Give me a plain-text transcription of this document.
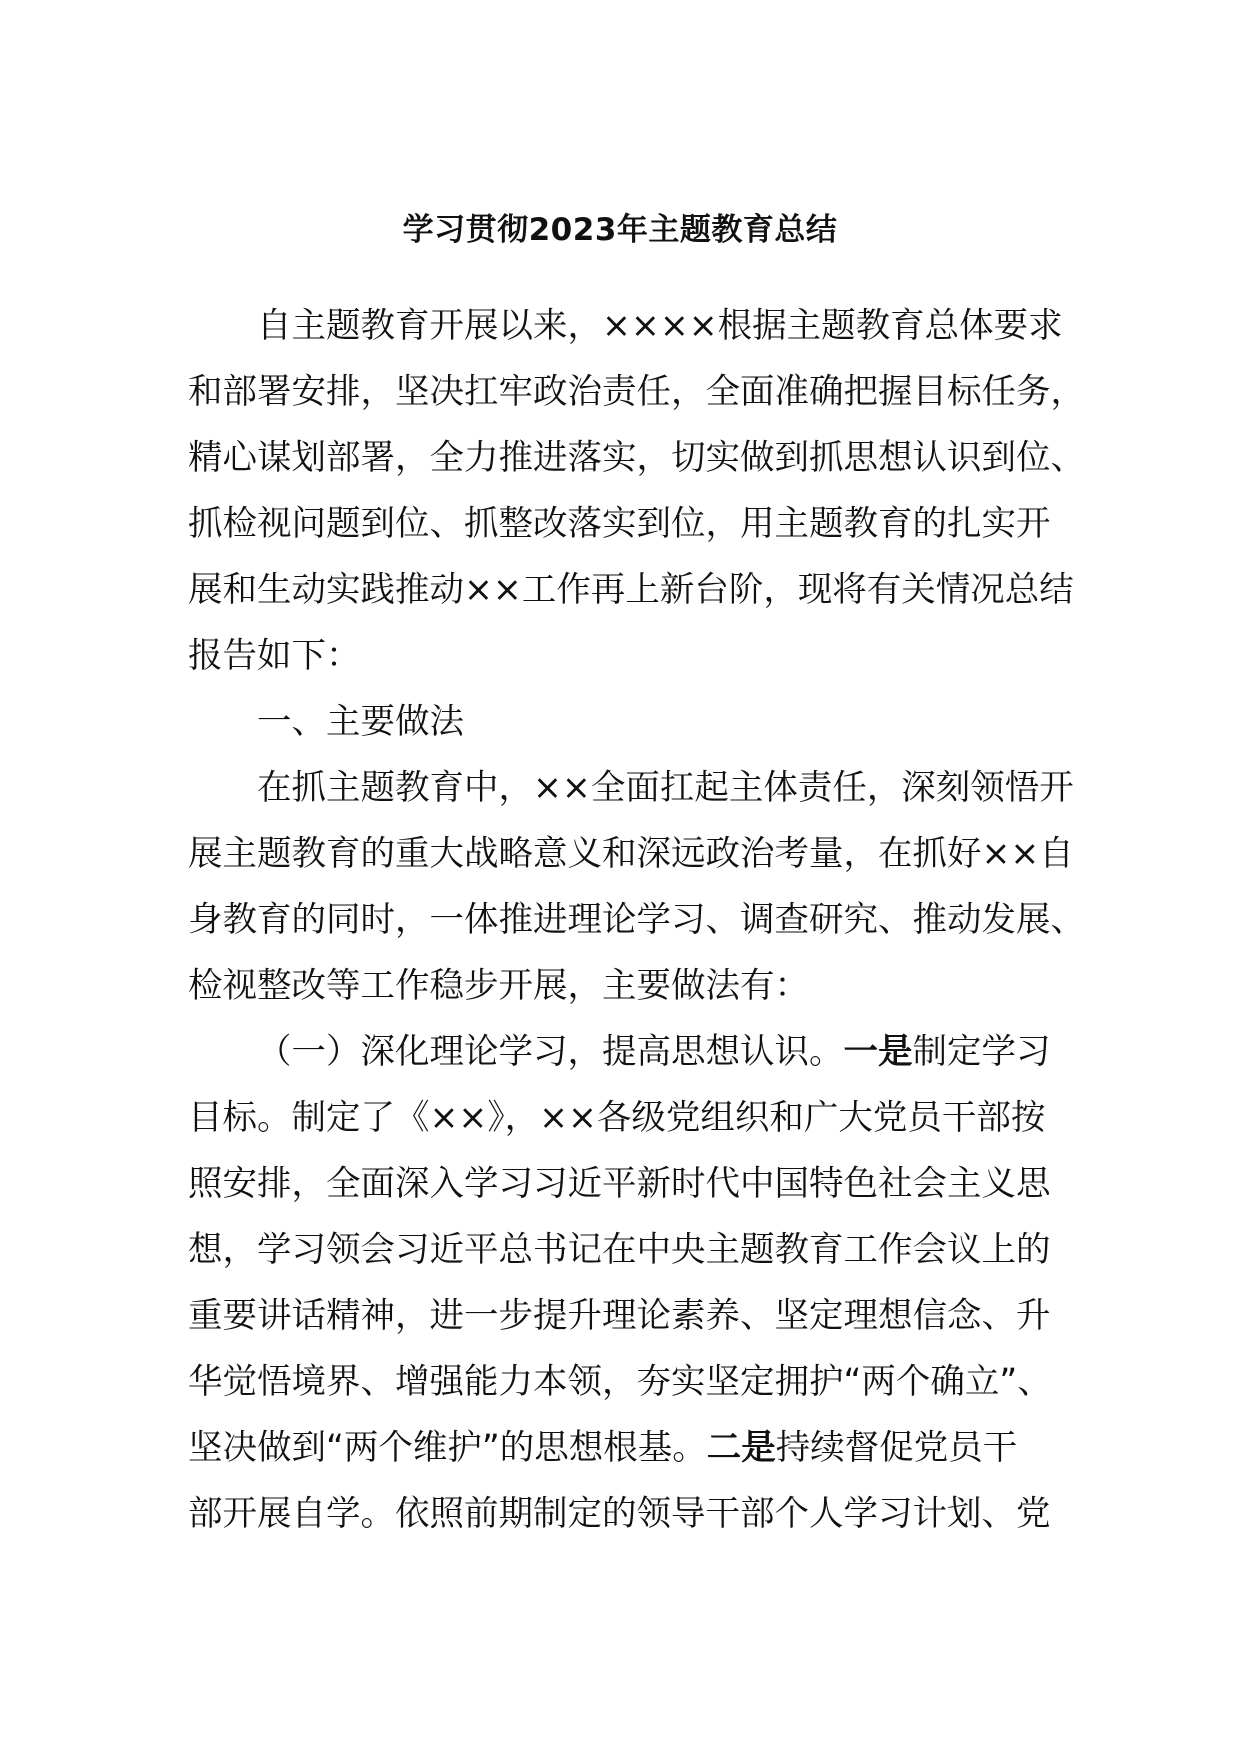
学习贯彻2023年主题教育总结
自主题教育开展以来，××××根据主题教育总体要求
和部署安排，坚决扛牢政治责任，全面准确把握目标任务，
精心谋划部署，全力推进落实，切实做到抓思想认识到位、
抓检视问题到位、抓整改落实到位，用主题教育的扎实开
展和生动实践推动××工作再上新台阶，现将有关情况总结
报告如下：
一、主要做法
在抓主题教育中，××全面扛起主体责任，深刻领悟开
展主题教育的重大战略意义和深远政治考量，在抓好××自
身教育的同时，一体推进理论学习、调查研究、推动发展、
检视整改等工作稳步开展，主要做法有：
（一）深化理论学习，提高思想认识。一是制定学习
目标。制定了《××》，××各级党组织和广大党员干部按
照安排，全面深入学习习近平新时代中国特色社会主义思
想，学习领会习近平总书记在中央主题教育工作会议上的
重要讲话精神，进一步提升理论素养、坚定理想信念、升
华觉悟境界、增强能力本领，夯实坚定拥护“两个确立”、
坚决做到“两个维护”的思想根基。二是持续督促党员干
部开展自学。依照前期制定的领导干部个人学习计划、党
